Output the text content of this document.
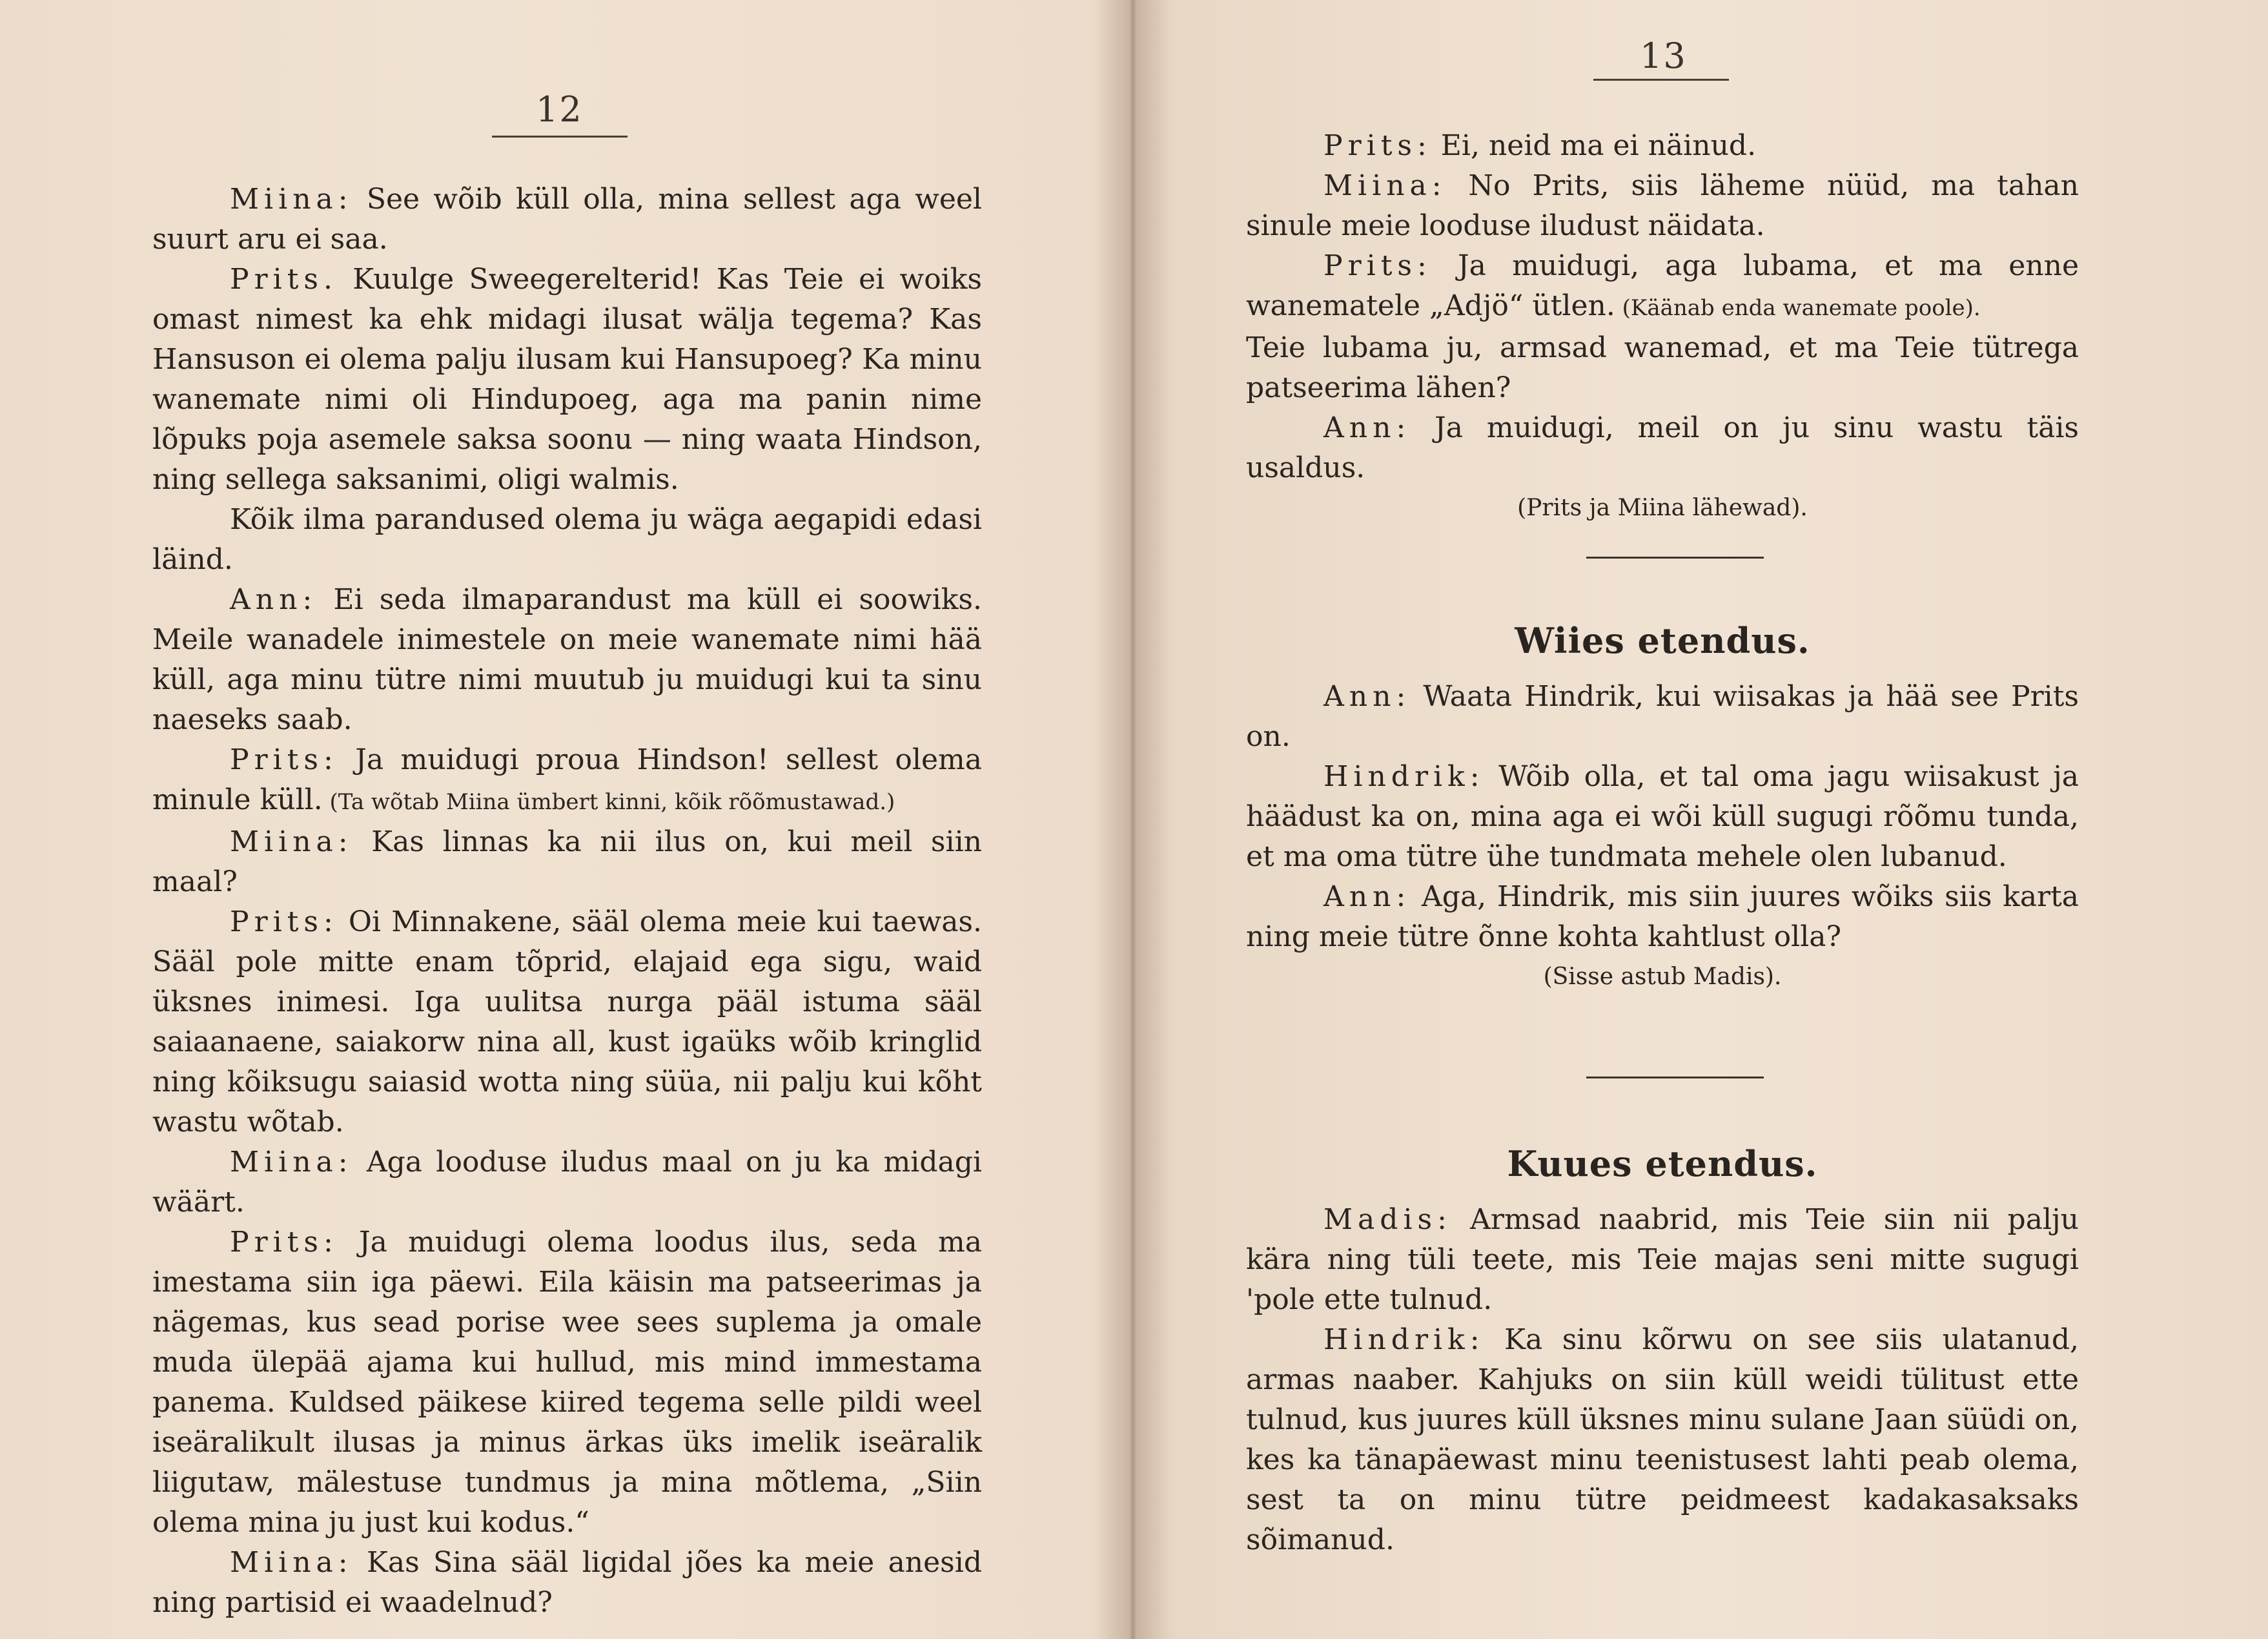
12

Miina: See wõib küll olla, mina sellest aga weel suurt aru ei saa.

Prits. Kuulge Sweegerelterid! Kas Teie ei woiks omast nimest ka ehk midagi ilusat wälja tegema? Kas Hansuson ei olema palju ilusam kui Hansupoeg? Ka minu wanemate nimi oli Hindupoeg, aga ma panin nime lõpuks poja asemele saksa soonu — ning waata Hindson, ning sellega saksanimi, oligi walmis.

Kõik ilma parandused olema ju wäga aegapidi edasi läind.

Ann: Ei seda ilmaparandust ma küll ei soowiks. Meile wanadele inimestele on meie wanemate nimi hää küll, aga minu tütre nimi muutub ju muidugi kui ta sinu naeseks saab.

Prits: Ja muidugi proua Hindson! sellest olema minule küll. (Ta wõtab Miina ümbert kinni, kõik rõõmustawad.)

Miina: Kas linnas ka nii ilus on, kui meil siin maal?

Prits: Oi Minnakene, sääl olema meie kui taewas. Sääl pole mitte enam tõprid, elajaid ega sigu, waid üksnes inimesi. Iga uulitsa nurga pääl istuma sääl saiaanaene, saiakorw nina all, kust igaüks wõib kringlid ning kõiksugu saiasid wotta ning süüa, nii palju kui kõht wastu wõtab.

Miina: Aga looduse iludus maal on ju ka midagi wäärt.

Prits: Ja muidugi olema loodus ilus, seda ma imestama siin iga päewi. Eila käisin ma patseerimas ja nägemas, kus sead porise wee sees suplema ja omale muda ülepää ajama kui hullud, mis mind immestama panema. Kuldsed päikese kiired tegema selle pildi weel iseäralikult ilusas ja minus ärkas üks imelik iseäralik liigutaw, mälestuse tundmus ja mina mõtlema, „Siin olema mina ju just kui kodus.“

Miina: Kas Sina sääl ligidal jões ka meie anesid ning partisid ei waadelnud?

13

Prits: Ei, neid ma ei näinud.

Miina: No Prits, siis läheme nüüd, ma tahan sinule meie looduse iludust näidata.

Prits: Ja muidugi, aga lubama, et ma enne wanematele „Adjö“ ütlen. (Käänab enda wanemate poole).

Teie lubama ju, armsad wanemad, et ma Teie tütrega patseerima lähen?

Ann: Ja muidugi, meil on ju sinu wastu täis usaldus.

(Prits ja Miina lähewad).

Wiies etendus.

Ann: Waata Hindrik, kui wiisakas ja hää see Prits on.

Hindrik: Wõib olla, et tal oma jagu wiisakust ja häädust ka on, mina aga ei wõi küll sugugi rõõmu tunda, et ma oma tütre ühe tundmata mehele olen lubanud.

Ann: Aga, Hindrik, mis siin juures wõiks siis karta ning meie tütre õnne kohta kahtlust olla?

(Sisse astub Madis).

Kuues etendus.

Madis: Armsad naabrid, mis Teie siin nii palju kära ning tüli teete, mis Teie majas seni mitte sugugi 'pole ette tulnud.

Hindrik: Ka sinu kõrwu on see siis ulatanud, armas naaber. Kahjuks on siin küll weidi tülitust ette tulnud, kus juures küll üksnes minu sulane Jaan süüdi on, kes ka tänapäewast minu teenistusest lahti peab olema, sest ta on minu tütre peidmeest kadakasaksaks sõimanud.
